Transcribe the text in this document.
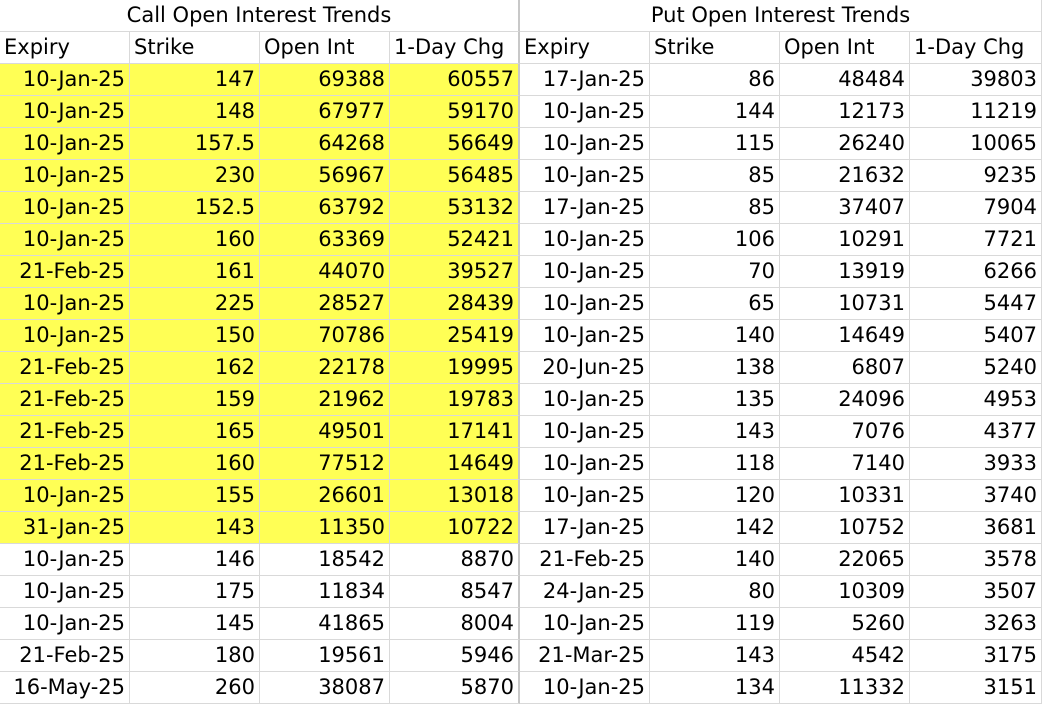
Call Open Interest Trends	Put Open Interest Trends
Expiry	Strike	Open Int	1-Day Chg Expiry	Strike	Open Int	1-Day Chg
10-Jan-25	147	69388	60557	17-Jan-25	86	48484	39803
10-Jan-25	148	67977	59170	10-Jan-25	144	12173	11219
10-Jan-25	157.5	64268	56649	10-Jan-25	115	26240	10065
10-Jan-25	230	56967	56485	10-Jan-25	85	21632	9235
10-Jan-25	152.5	63792	53132	17-Jan-25	85	37407	7904
10-Jan-25	160	63369	52421	10-Jan-25	106	10291	7721
21-Feb-25	161	44070	39527	10-Jan-25	70	13919	6266
10-Jan-25	225	28527	28439	10-Jan-25	65	10731	5447
10-Jan-25	150	70786	25419	10-Jan-25	140	14649	5407
21-Feb-25	162	22178	19995	20-Jun-25	138	6807	5240
21-Feb-25	159	21962	19783	10-Jan-25	135	24096	4953
21-Feb-25	165	49501	17141	10-Jan-25	143	7076	4377
21-Feb-25	160	77512	14649	10-Jan-25	118	7140	3933
10-Jan-25	155	26601	13018	10-Jan-25	120	10331	3740
31-Jan-25	143	11350	10722	17-Jan-25	142	10752	3681
10-Jan-25	146	18542	8870	21-Feb-25	140	22065	3578
10-Jan-25	175	11834	8547	24-Jan-25	80	10309	3507
10-Jan-25	145	41865	8004	10-Jan-25	119	5260	3263
21-Feb-25	180	19561	5946	21-Mar-25	143	4542	3175
16-May-25	260	38087	5870	10-Jan-25	134	11332	3151
